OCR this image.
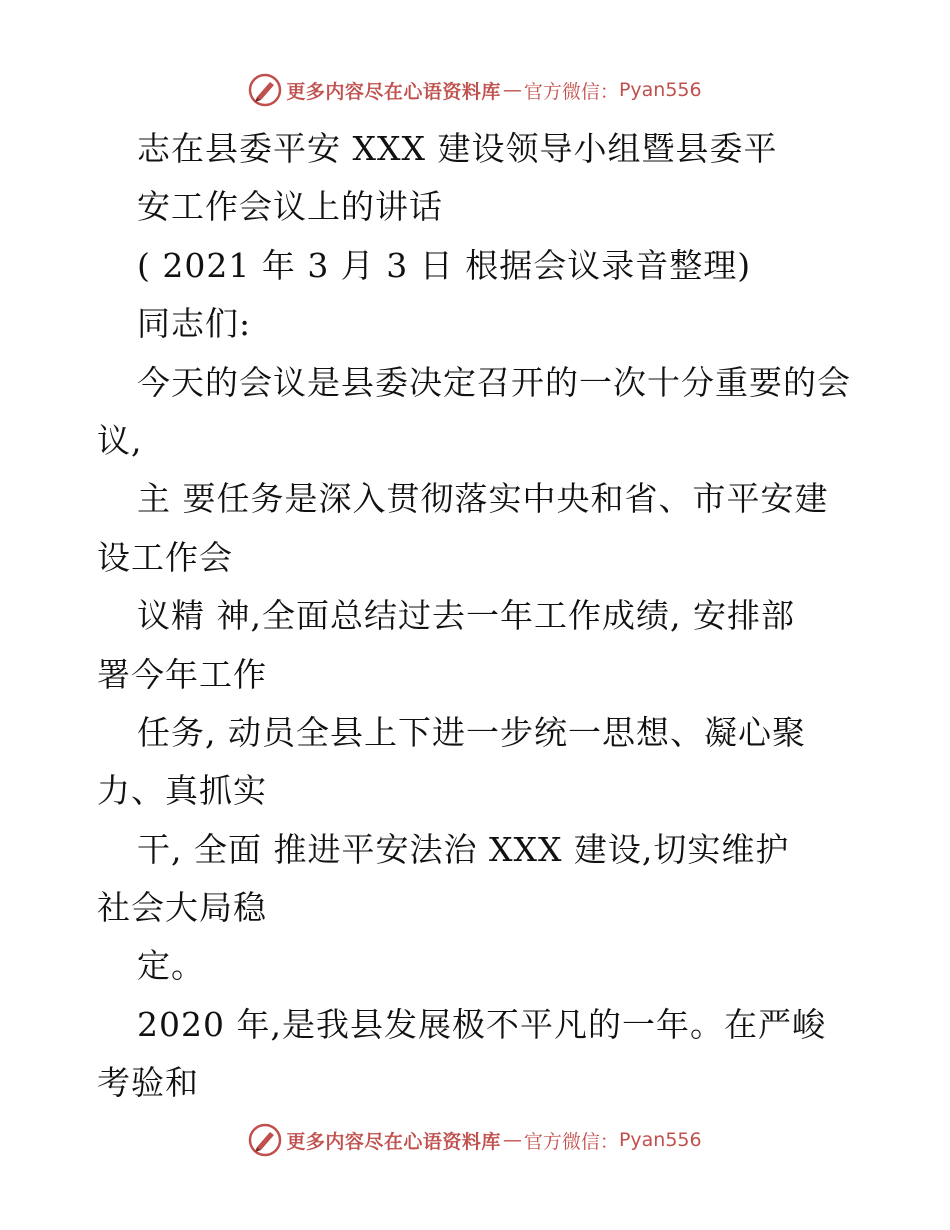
更多内容尽在心语资料库 — 官方微信： Pyan556
志在县委平安 XXX 建设领导小组暨县委平
安工作会议上的讲话
( 2021 年 3 月 3 日 根据会议录音整理)
同志们:
今天的会议是县委决定召开的一次十分重要的会
议,
主 要任务是深入贯彻落实中央和省、市平安建
设工作会
议精 神,全面总结过去一年工作成绩, 安排部
署今年工作
任务, 动员全县上下进一步统一思想、凝心聚
力、真抓实
干, 全面 推进平安法治 XXX 建设,切实维护
社会大局稳
定。
2020 年,是我县发展极不平凡的一年。在严峻
考验和
更多内容尽在心语资料库 — 官方微信： Pyan556
